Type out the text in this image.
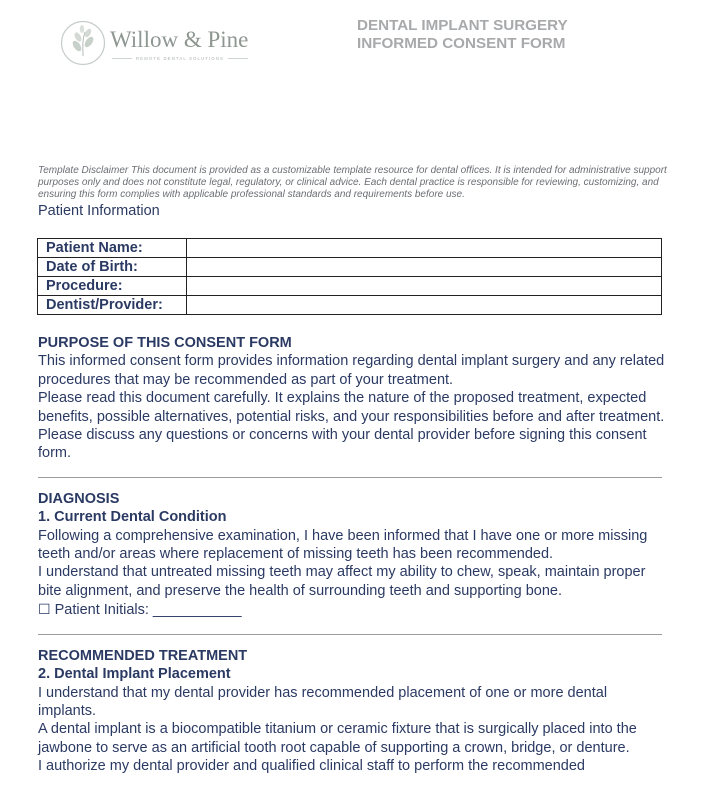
Willow & Pine
REMOTE DENTAL SOLUTIONS
DENTAL IMPLANT SURGERY
INFORMED CONSENT FORM
Template Disclaimer This document is provided as a customizable template resource for dental offices. It is intended for administrative support purposes only and does not constitute legal, regulatory, or clinical advice. Each dental practice is responsible for reviewing, customizing, and ensuring this form complies with applicable professional standards and requirements before use.
Patient Information
Patient Name:	
Date of Birth:	
Procedure:	
Dentist/Provider:	
PURPOSE OF THIS CONSENT FORM
This informed consent form provides information regarding dental implant surgery and any related procedures that may be recommended as part of your treatment.
Please read this document carefully. It explains the nature of the proposed treatment, expected benefits, possible alternatives, potential risks, and your responsibilities before and after treatment. Please discuss any questions or concerns with your dental provider before signing this consent form.
DIAGNOSIS
1. Current Dental Condition
Following a comprehensive examination, I have been informed that I have one or more missing teeth and/or areas where replacement of missing teeth has been recommended.
I understand that untreated missing teeth may affect my ability to chew, speak, maintain proper bite alignment, and preserve the health of surrounding teeth and supporting bone.
☐ Patient Initials: ___________
RECOMMENDED TREATMENT
2. Dental Implant Placement
I understand that my dental provider has recommended placement of one or more dental implants.
A dental implant is a biocompatible titanium or ceramic fixture that is surgically placed into the jawbone to serve as an artificial tooth root capable of supporting a crown, bridge, or denture.
I authorize my dental provider and qualified clinical staff to perform the recommended
